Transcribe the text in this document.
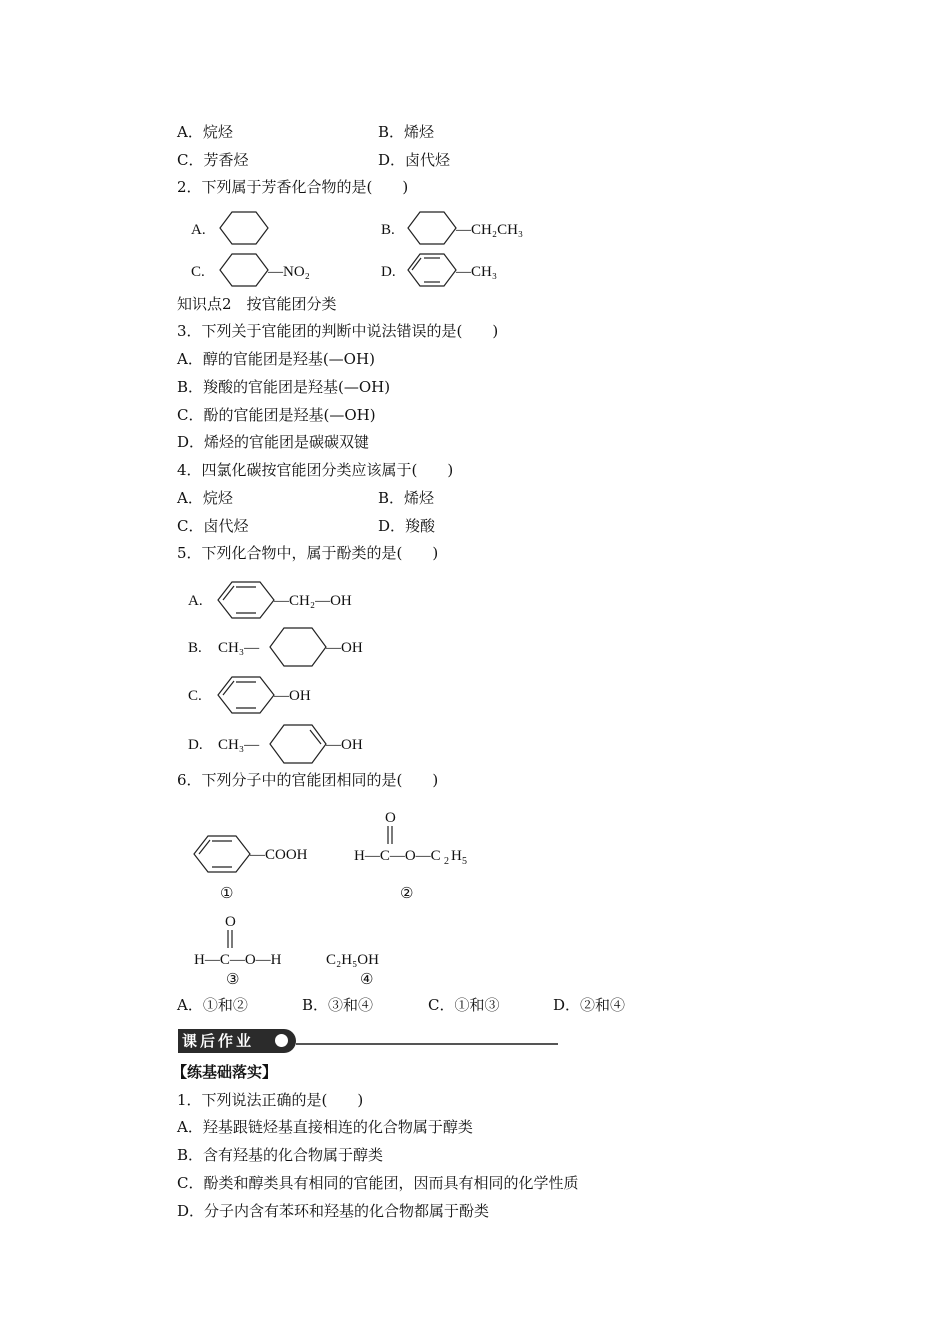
A．烷烃	B．烯烃
C．芳香烃	D．卤代烃
2．下列属于芳香化合物的是(　　)
A.	B.	—CH₂CH₃
C.	—NO₂	D.	—CH₃
知识点2　按官能团分类
3．下列关于官能团的判断中说法错误的是(　　)
A．醇的官能团是羟基(—OH)
B．羧酸的官能团是羟基(—OH)
C．酚的官能团是羟基(—OH)
D．烯烃的官能团是碳碳双键
4．四氯化碳按官能团分类应该属于(　　)
A．烷烃	B．烯烃
C．卤代烃	D．羧酸
5．下列化合物中，属于酚类的是(　　)
A.	—CH₂—OH
B. CH₃—	—OH
C.	—OH
D. CH₃—	—OH
6．下列分子中的官能团相同的是(　　)
—COOH
①
O
H—C—O—C 2 H 5
②
O
H—C—O—H
③
C₂H₅OH
④
A．①和②	B．③和④	C．①和③	D．②和④
课后作业
【练基础落实】
1．下列说法正确的是(　　)
A．羟基跟链烃基直接相连的化合物属于醇类
B．含有羟基的化合物属于醇类
C．酚类和醇类具有相同的官能团，因而具有相同的化学性质
D．分子内含有苯环和羟基的化合物都属于酚类
